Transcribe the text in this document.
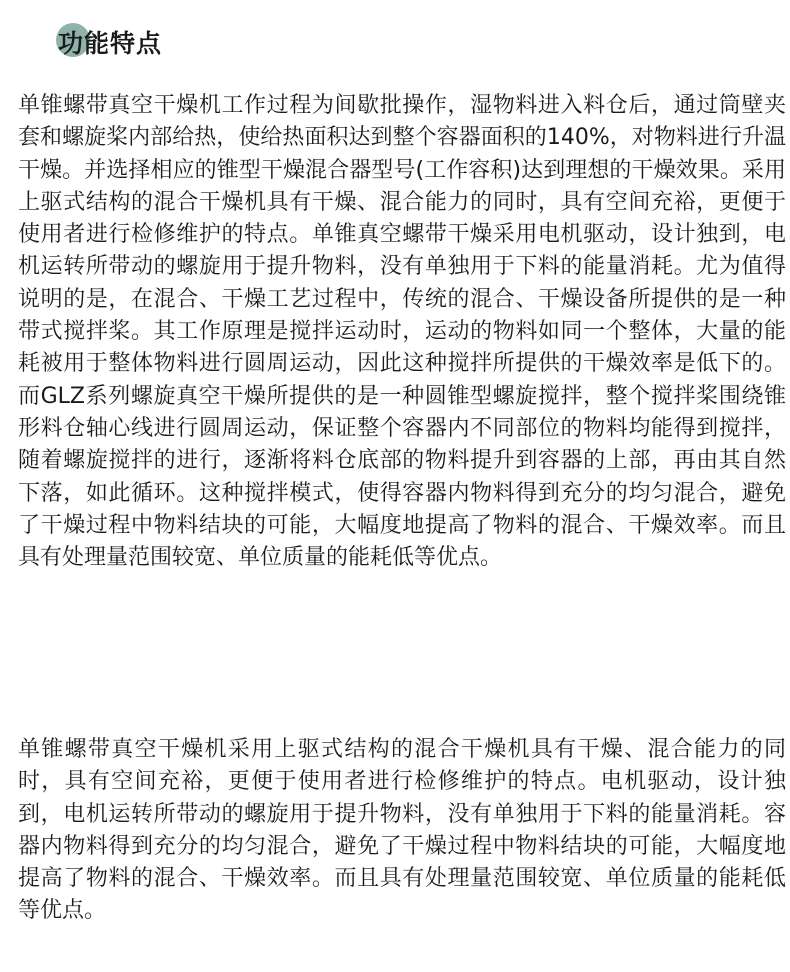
功能特点

单锥螺带真空干燥机工作过程为间歇批操作，湿物料进入料仓后，通过筒壁夹套和螺旋桨内部给热，使给热面积达到整个容器面积的140%，对物料进行升温干燥。并选择相应的锥型干燥混合器型号(工作容积)达到理想的干燥效果。采用上驱式结构的混合干燥机具有干燥、混合能力的同时，具有空间充裕，更便于使用者进行检修维护的特点。单锥真空螺带干燥采用电机驱动，设计独到，电机运转所带动的螺旋用于提升物料，没有单独用于下料的能量消耗。尤为值得说明的是，在混合、干燥工艺过程中，传统的混合、干燥设备所提供的是一种带式搅拌桨。其工作原理是搅拌运动时，运动的物料如同一个整体，大量的能耗被用于整体物料进行圆周运动，因此这种搅拌所提供的干燥效率是低下的。而GLZ系列螺旋真空干燥所提供的是一种圆锥型螺旋搅拌，整个搅拌桨围绕锥形料仓轴心线进行圆周运动，保证整个容器内不同部位的物料均能得到搅拌，随着螺旋搅拌的进行，逐渐将料仓底部的物料提升到容器的上部，再由其自然下落，如此循环。这种搅拌模式，使得容器内物料得到充分的均匀混合，避免了干燥过程中物料结块的可能，大幅度地提高了物料的混合、干燥效率。而且具有处理量范围较宽、单位质量的能耗低等优点。

单锥螺带真空干燥机采用上驱式结构的混合干燥机具有干燥、混合能力的同时，具有空间充裕，更便于使用者进行检修维护的特点。电机驱动，设计独到，电机运转所带动的螺旋用于提升物料，没有单独用于下料的能量消耗。容器内物料得到充分的均匀混合，避免了干燥过程中物料结块的可能，大幅度地提高了物料的混合、干燥效率。而且具有处理量范围较宽、单位质量的能耗低等优点。
